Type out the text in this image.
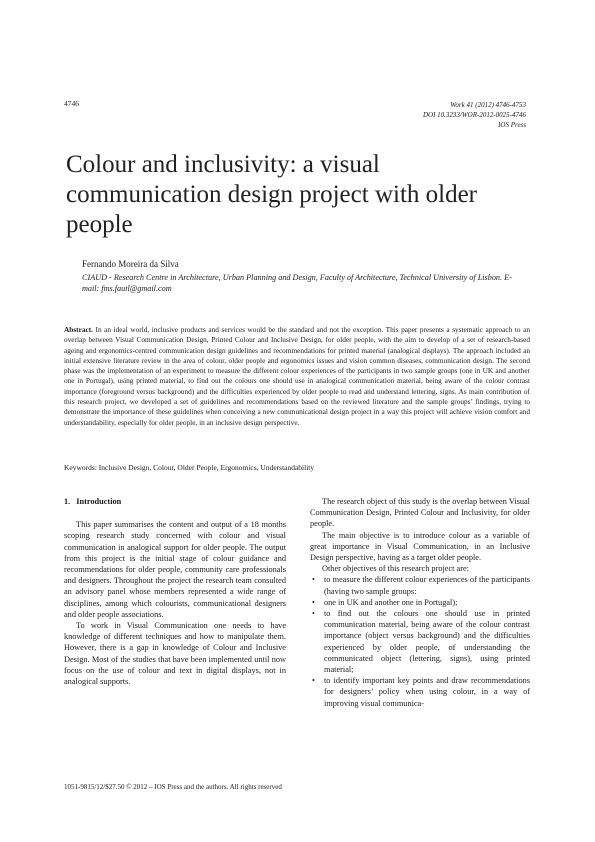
4746	Work 41 (2012) 4746-4753
DOI 10.3233/WOR-2012-0025-4746
IOS Press
Colour and inclusivity: a visual communication design project with older people
Fernando Moreira da Silva
CIAUD - Research Centre in Architecture, Urban Planning and Design, Faculty of Architecture, Technical University of Lisbon. E-mail: fms.fautl@gmail.com
Abstract. In an ideal world, inclusive products and services would be the standard and not the exception. This paper presents a systematic approach to an overlap between Visual Communication Design, Printed Colour and Inclusive Design, for older people, with the aim to develop of a set of research-based ageing and ergonomics-centred communication design guidelines and recommendations for printed material (analogical displays). The approach included an initial extensive literature review in the area of colour, older people and ergonomics issues and vision common diseases, communication design. The second phase was the implementation of an experiment to measure the different colour experiences of the participants in two sample groups (one in UK and another one in Portugal), using printed material, to find out the colours one should use in analogical communication material, being aware of the colour contrast importance (foreground versus background) and the difficulties experienced by older people to read and understand lettering, signs. As main contribution of this research project, we developed a set of guidelines and recommendations based on the reviewed literature and the sample groups’ findings, trying to demonstrate the importance of these guidelines when conceiving a new communicational design project in a way this project will achieve vision comfort and understandability, especially for older people, in an inclusive design perspective.
Keywords: Inclusive Design, Colour, Older People, Ergonomics, Understandability
1. Introduction

This paper summarises the content and output of a 18 months scoping research study concerned with colour and visual communication in analogical support for older people. The output from this project is the initial stage of colour guidance and recommendations for older people, community care professionals and designers. Throughout the project the research team consulted an advisory panel whose members represented a wide range of disciplines, among which colourists, communicational designers and older people associations.

To work in Visual Communication one needs to have knowledge of different techniques and how to manipulate them. However, there is a gap in knowledge of Colour and Inclusive Design. Most of the studies that have been implemented until now focus on the use of colour and text in digital displays, not in analogical supports.

The research object of this study is the overlap between Visual Communication Design, Printed Colour and Inclusivity, for older people.

The main objective is to introduce colour as a variable of great importance in Visual Communication, in an Inclusive Design perspective, having as a target older people.

Other objectives of this research project are:

• to measure the different colour experiences of the participants (having two sample groups:
• one in UK and another one in Portugal);
• to find out the colours one should use in printed communication material, being aware of the colour contrast importance (object versus background) and the difficulties experienced by older people, of understanding the communicated object (lettering, signs), using printed material;
• to identify important key points and draw recommendations for designers’ policy when using colour, in a way of improving visual communica-
1051-9815/12/$27.50 © 2012 – IOS Press and the authors. All rights reserved
